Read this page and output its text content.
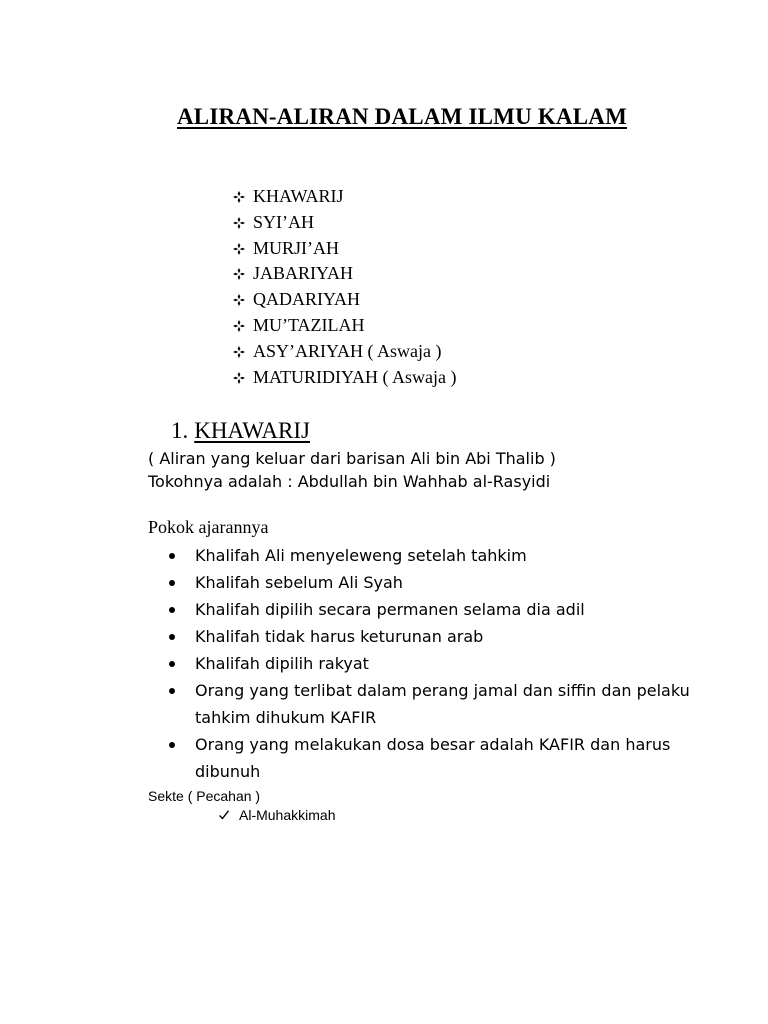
ALIRAN-ALIRAN DALAM ILMU KALAM
KHAWARIJ
SYI’AH
MURJI’AH
JABARIYAH
QADARIYAH
MU’TAZILAH
ASY’ARIYAH ( Aswaja )
MATURIDIYAH ( Aswaja )
1. KHAWARIJ

( Aliran yang keluar dari barisan Ali bin Abi Thalib )

Tokohnya adalah : Abdullah bin Wahhab al-Rasyidi

Pokok ajarannya

Khalifah Ali menyeleweng setelah tahkim
Khalifah sebelum Ali Syah
Khalifah dipilih secara permanen selama dia adil
Khalifah tidak harus keturunan arab
Khalifah dipilih rakyat
Orang yang terlibat dalam perang jamal dan siffin dan pelaku tahkim dihukum KAFIR
Orang yang melakukan dosa besar adalah KAFIR dan harus dibunuh

Sekte ( Pecahan )

Al-Muhakkimah
